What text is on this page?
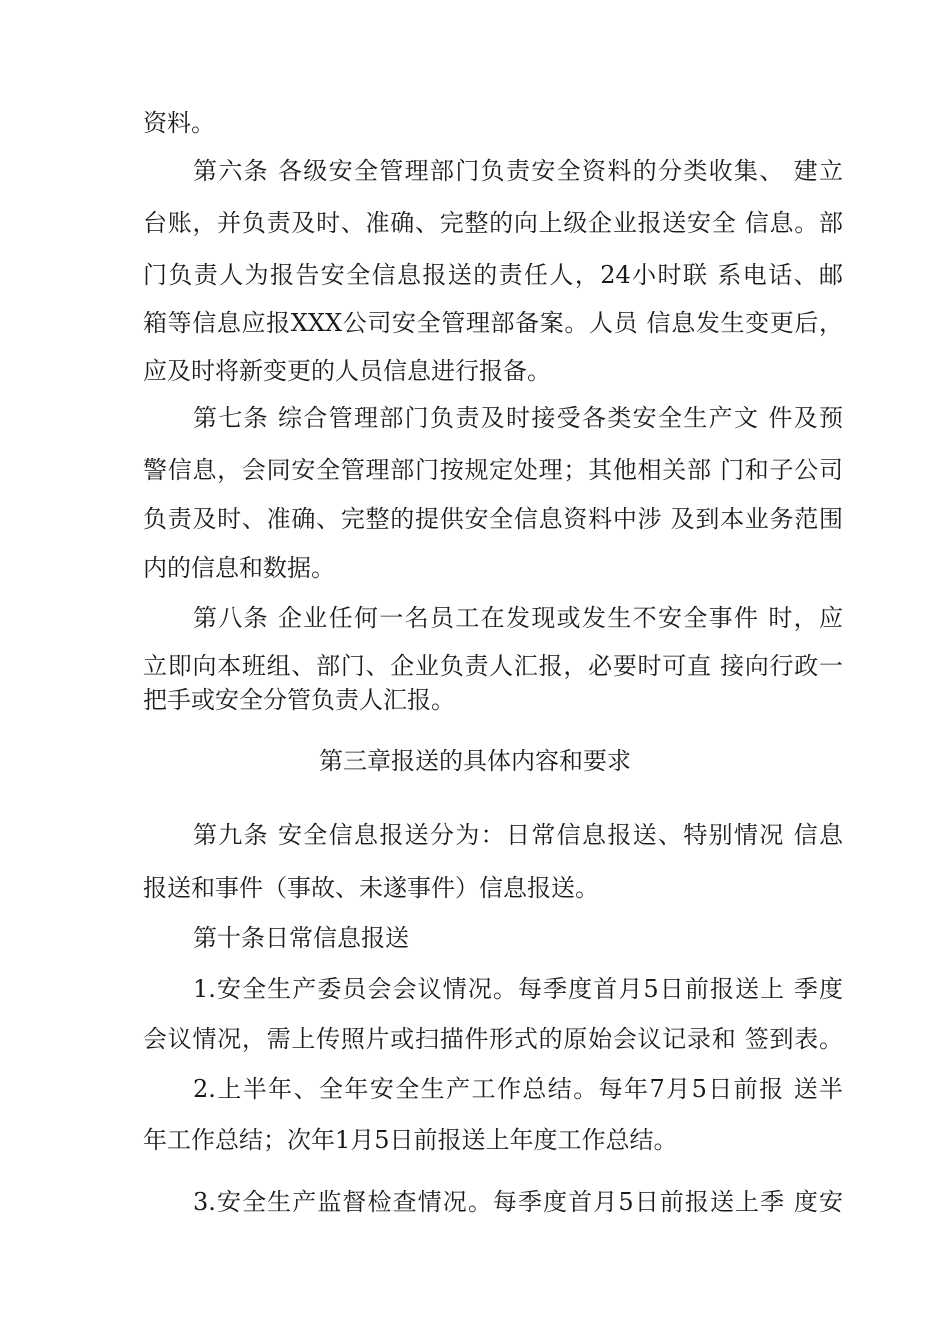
资料。
第六条 各级安全管理部门负责安全资料的分类收集、 建立
台账，并负责及时、准确、完整的向上级企业报送安全 信息。部
门负责人为报告安全信息报送的责任人，24小时联 系电话、邮
箱等信息应报XXX公司安全管理部备案。人员 信息发生变更后，
应及时将新变更的人员信息进行报备。
第七条 综合管理部门负责及时接受各类安全生产文 件及预
警信息，会同安全管理部门按规定处理；其他相关部 门和子公司
负责及时、准确、完整的提供安全信息资料中涉 及到本业务范围
内的信息和数据。
第八条 企业任何一名员工在发现或发生不安全事件 时，应
立即向本班组、部门、企业负责人汇报，必要时可直 接向行政一
把手或安全分管负责人汇报。
第三章报送的具体内容和要求
第九条 安全信息报送分为：日常信息报送、特别情况 信息
报送和事件（事故、未遂事件）信息报送。
第十条日常信息报送
1.安全生产委员会会议情况。每季度首月5日前报送上 季度
会议情况，需上传照片或扫描件形式的原始会议记录和 签到表。
2.上半年、全年安全生产工作总结。每年7月5日前报 送半
年工作总结；次年1月5日前报送上年度工作总结。
3.安全生产监督检查情况。每季度首月5日前报送上季 度安
